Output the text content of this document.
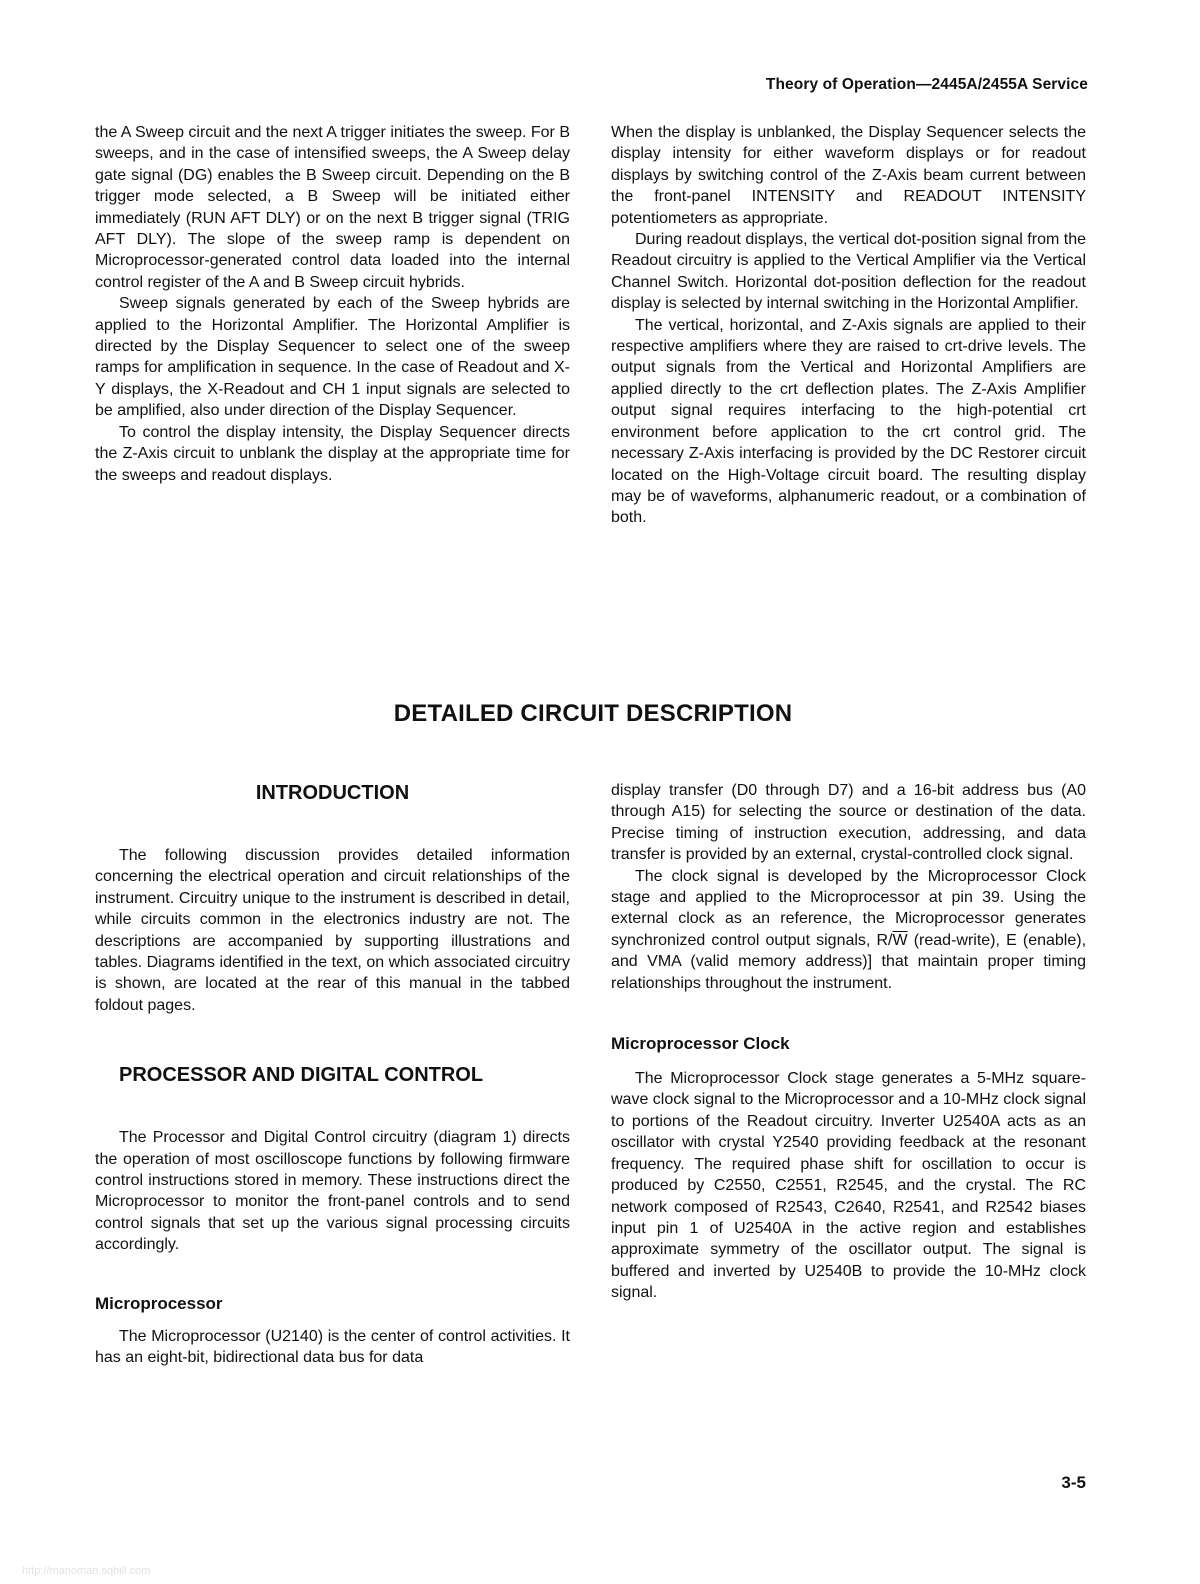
Theory of Operation—2445A/2455A Service

the A Sweep circuit and the next A trigger initiates the sweep. For B sweeps, and in the case of intensified sweeps, the A Sweep delay gate signal (DG) enables the B Sweep circuit. Depending on the B trigger mode selected, a B Sweep will be initiated either immediately (RUN AFT DLY) or on the next B trigger signal (TRIG AFT DLY). The slope of the sweep ramp is dependent on Microprocessor-generated control data loaded into the internal control register of the A and B Sweep circuit hybrids.

Sweep signals generated by each of the Sweep hybrids are applied to the Horizontal Amplifier. The Horizontal Amplifier is directed by the Display Sequencer to select one of the sweep ramps for amplification in sequence. In the case of Readout and X-Y displays, the X-Readout and CH 1 input signals are selected to be amplified, also under direction of the Display Sequencer.

To control the display intensity, the Display Sequencer directs the Z-Axis circuit to unblank the display at the appropriate time for the sweeps and readout displays.

When the display is unblanked, the Display Sequencer selects the display intensity for either waveform displays or for readout displays by switching control of the Z-Axis beam current between the front-panel INTENSITY and READOUT INTENSITY potentiometers as appropriate.

During readout displays, the vertical dot-position signal from the Readout circuitry is applied to the Vertical Amplifier via the Vertical Channel Switch. Horizontal dot-position deflection for the readout display is selected by internal switching in the Horizontal Amplifier.

The vertical, horizontal, and Z-Axis signals are applied to their respective amplifiers where they are raised to crt-drive levels. The output signals from the Vertical and Horizontal Amplifiers are applied directly to the crt deflection plates. The Z-Axis Amplifier output signal requires interfacing to the high-potential crt environment before application to the crt control grid. The necessary Z-Axis interfacing is provided by the DC Restorer circuit located on the High-Voltage circuit board. The resulting display may be of waveforms, alphanumeric readout, or a combination of both.

DETAILED CIRCUIT DESCRIPTION
INTRODUCTION

The following discussion provides detailed information concerning the electrical operation and circuit relationships of the instrument. Circuitry unique to the instrument is described in detail, while circuits common in the electronics industry are not. The descriptions are accompanied by supporting illustrations and tables. Diagrams identified in the text, on which associated circuitry is shown, are located at the rear of this manual in the tabbed foldout pages.

PROCESSOR AND DIGITAL CONTROL

The Processor and Digital Control circuitry (diagram 1) directs the operation of most oscilloscope functions by following firmware control instructions stored in memory. These instructions direct the Microprocessor to monitor the front-panel controls and to send control signals that set up the various signal processing circuits accordingly.

Microprocessor

The Microprocessor (U2140) is the center of control activities. It has an eight-bit, bidirectional data bus for data

display transfer (D0 through D7) and a 16-bit address bus (A0 through A15) for selecting the source or destination of the data. Precise timing of instruction execution, addressing, and data transfer is provided by an external, crystal-controlled clock signal.

The clock signal is developed by the Microprocessor Clock stage and applied to the Microprocessor at pin 39. Using the external clock as an reference, the Microprocessor generates synchronized control output signals, $R/\overline{W}$ (read-write), E (enable), and VMA (valid memory address)] that maintain proper timing relationships throughout the instrument.

Microprocessor Clock

The Microprocessor Clock stage generates a 5-MHz square-wave clock signal to the Microprocessor and a 10-MHz clock signal to portions of the Readout circuitry. Inverter U2540A acts as an oscillator with crystal Y2540 providing feedback at the resonant frequency. The required phase shift for oscillation to occur is produced by C2550, C2551, R2545, and the crystal. The RC network composed of R2543, C2640, R2541, and R2542 biases input pin 1 of U2540A in the active region and establishes approximate symmetry of the oscillator output. The signal is buffered and inverted by U2540B to provide the 10-MHz clock signal.

3-5
http://manoman.sqhill.com
